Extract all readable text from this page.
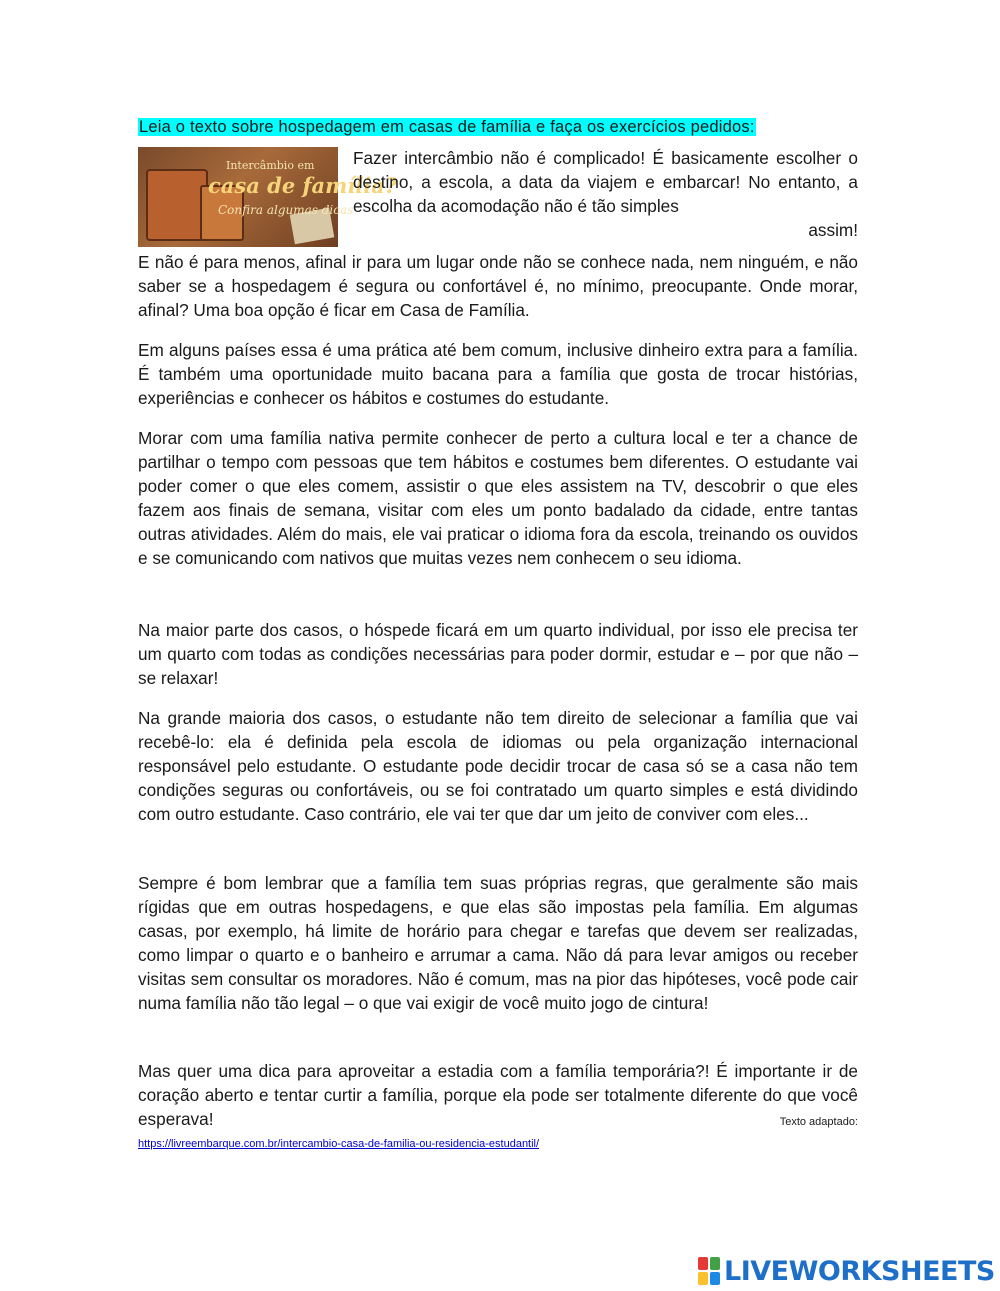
Leia o texto sobre hospedagem em casas de família e faça os exercícios pedidos:
Intercâmbio em
casa de família?
Confira algumas dicas
Fazer intercâmbio não é complicado! É basicamente escolher o destino, a escola, a data da viajem e embarcar! No entanto, a escolha da acomodação não é tão simples
assim!
E não é para menos, afinal ir para um lugar onde não se conhece nada, nem ninguém, e não saber se a hospedagem é segura ou confortável é, no mínimo, preocupante. Onde morar, afinal? Uma boa opção é ficar em Casa de Família.
Em alguns países essa é uma prática até bem comum, inclusive dinheiro extra para a família. É também uma oportunidade muito bacana para a família que gosta de trocar histórias, experiências e conhecer os hábitos e costumes do estudante.
Morar com uma família nativa permite conhecer de perto a cultura local e ter a chance de partilhar o tempo com pessoas que tem hábitos e costumes bem diferentes. O estudante vai poder comer o que eles comem, assistir o que eles assistem na TV, descobrir o que eles fazem aos finais de semana, visitar com eles um ponto badalado da cidade, entre tantas outras atividades. Além do mais, ele vai praticar o idioma fora da escola, treinando os ouvidos e se comunicando com nativos que muitas vezes nem conhecem o seu idioma.
Na maior parte dos casos, o hóspede ficará em um quarto individual, por isso ele precisa ter um quarto com todas as condições necessárias para poder dormir, estudar e – por que não – se relaxar!
Na grande maioria dos casos, o estudante não tem direito de selecionar a família que vai recebê-lo: ela é definida pela escola de idiomas ou pela organização internacional responsável pelo estudante. O estudante pode decidir trocar de casa só se a casa não tem condições seguras ou confortáveis, ou se foi contratado um quarto simples e está dividindo com outro estudante. Caso contrário, ele vai ter que dar um jeito de conviver com eles...
Sempre é bom lembrar que a família tem suas próprias regras, que geralmente são mais rígidas que em outras hospedagens, e que elas são impostas pela família. Em algumas casas, por exemplo, há limite de horário para chegar e tarefas que devem ser realizadas, como limpar o quarto e o banheiro e arrumar a cama. Não dá para levar amigos ou receber visitas sem consultar os moradores. Não é comum, mas na pior das hipóteses, você pode cair numa família não tão legal – o que vai exigir de você muito jogo de cintura!
Mas quer uma dica para aproveitar a estadia com a família temporária?! É importante ir de coração aberto e tentar curtir a família, porque ela pode ser totalmente diferente do que você esperava!	Texto adaptado:
https://livreembarque.com.br/intercambio-casa-de-familia-ou-residencia-estudantil/
LIVEWORKSHEETS
